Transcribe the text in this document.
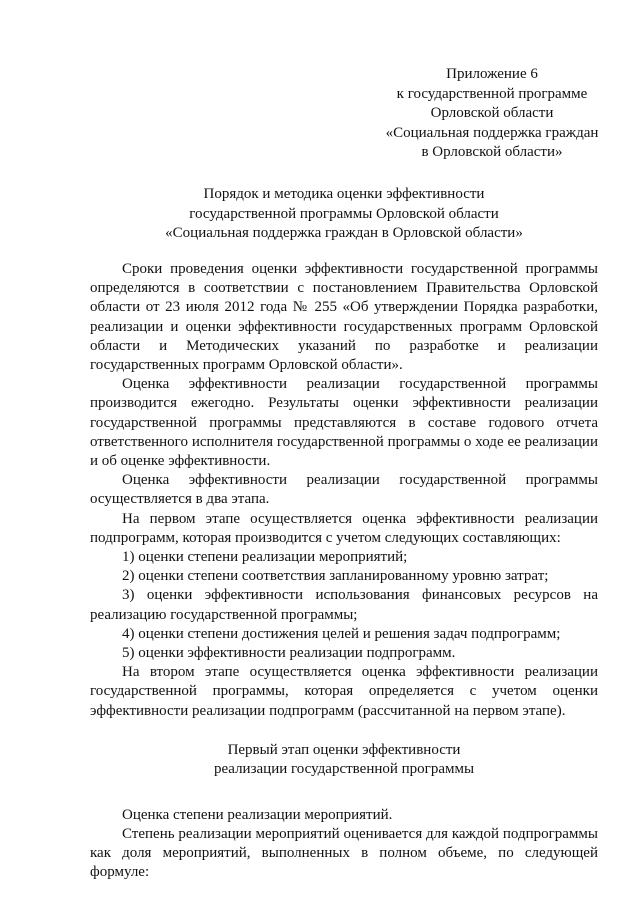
Приложение 6
к государственной программе
Орловской области
«Социальная поддержка граждан
в Орловской области»
Порядок и методика оценки эффективности
государственной программы Орловской области
«Социальная поддержка граждан в Орловской области»

Сроки проведения оценки эффективности государственной программы определяются в соответствии с постановлением Правительства Орловской области от 23 июля 2012 года № 255 «Об утверждении Порядка разработки, реализации и оценки эффективности государственных программ Орловской области и Методических указаний по разработке и реализации государственных программ Орловской области».

Оценка эффективности реализации государственной программы производится ежегодно. Результаты оценки эффективности реализации государственной программы представляются в составе годового отчета ответственного исполнителя государственной программы о ходе ее реализации и об оценке эффективности.

Оценка эффективности реализации государственной программы осуществляется в два этапа.

На первом этапе осуществляется оценка эффективности реализации подпрограмм, которая производится с учетом следующих составляющих:

1) оценки степени реализации мероприятий;

2) оценки степени соответствия запланированному уровню затрат;

3) оценки эффективности использования финансовых ресурсов на реализацию государственной программы;

4) оценки степени достижения целей и решения задач подпрограмм;

5) оценки эффективности реализации подпрограмм.

На втором этапе осуществляется оценка эффективности реализации государственной программы, которая определяется с учетом оценки эффективности реализации подпрограмм (рассчитанной на первом этапе).

Первый этап оценки эффективности
реализации государственной программы

Оценка степени реализации мероприятий.

Степень реализации мероприятий оценивается для каждой подпрограммы как доля мероприятий, выполненных в полном объеме, по следующей формуле:
